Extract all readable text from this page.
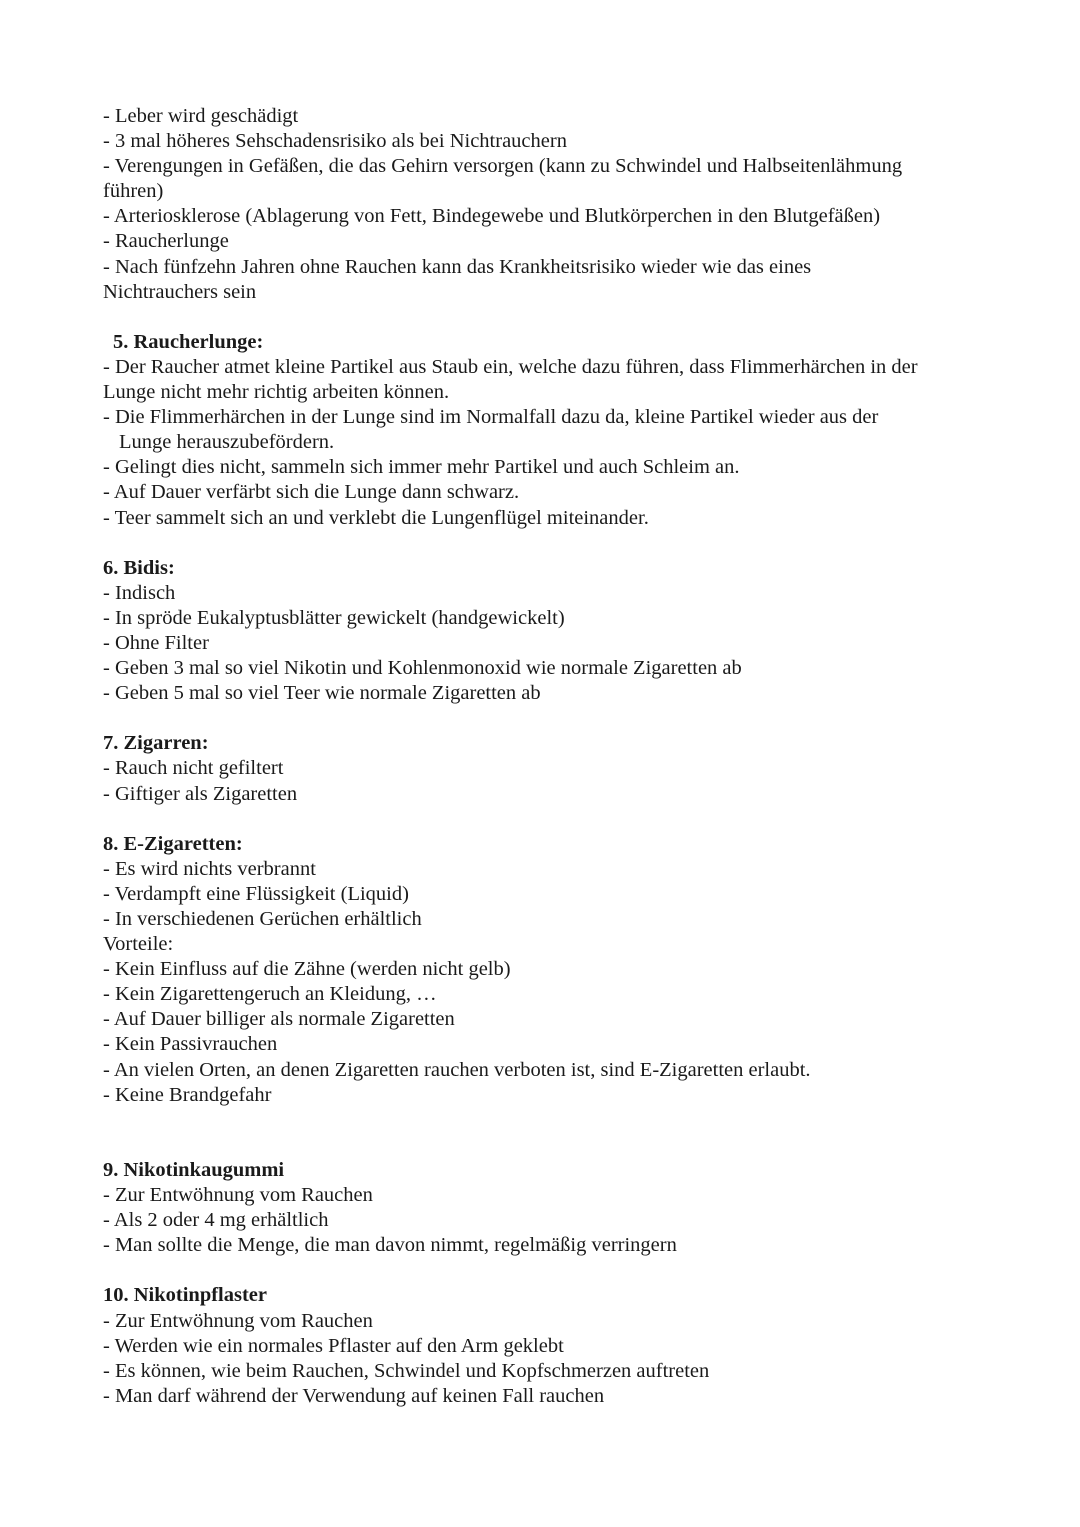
- Leber wird geschädigt
- 3 mal höheres Sehschadensrisiko als bei Nichtrauchern
- Verengungen in Gefäßen, die das Gehirn versorgen (kann zu Schwindel und Halbseitenlähmung
führen)
- Arteriosklerose (Ablagerung von Fett, Bindegewebe und Blutkörperchen in den Blutgefäßen)
- Raucherlunge
- Nach fünfzehn Jahren ohne Rauchen kann das Krankheitsrisiko wieder wie das eines
Nichtrauchers sein
5. Raucherlunge:
- Der Raucher atmet kleine Partikel aus Staub ein, welche dazu führen, dass Flimmerhärchen in der
Lunge nicht mehr richtig arbeiten können.
- Die Flimmerhärchen in der Lunge sind im Normalfall dazu da, kleine Partikel wieder aus der
Lunge herauszubefördern.
- Gelingt dies nicht, sammeln sich immer mehr Partikel und auch Schleim an.
- Auf Dauer verfärbt sich die Lunge dann schwarz.
- Teer sammelt sich an und verklebt die Lungenflügel miteinander.
6. Bidis:
- Indisch
- In spröde Eukalyptusblätter gewickelt (handgewickelt)
- Ohne Filter
- Geben 3 mal so viel Nikotin und Kohlenmonoxid wie normale Zigaretten ab
- Geben 5 mal so viel Teer wie normale Zigaretten ab
7. Zigarren:
- Rauch nicht gefiltert
- Giftiger als Zigaretten
8. E-Zigaretten:
- Es wird nichts verbrannt
- Verdampft eine Flüssigkeit (Liquid)
- In verschiedenen Gerüchen erhältlich
Vorteile:
- Kein Einfluss auf die Zähne (werden nicht gelb)
- Kein Zigarettengeruch an Kleidung, …
- Auf Dauer billiger als normale Zigaretten
- Kein Passivrauchen
- An vielen Orten, an denen Zigaretten rauchen verboten ist, sind E-Zigaretten erlaubt.
- Keine Brandgefahr
9. Nikotinkaugummi
- Zur Entwöhnung vom Rauchen
- Als 2 oder 4 mg erhältlich
- Man sollte die Menge, die man davon nimmt, regelmäßig verringern
10. Nikotinpflaster
- Zur Entwöhnung vom Rauchen
- Werden wie ein normales Pflaster auf den Arm geklebt
- Es können, wie beim Rauchen, Schwindel und Kopfschmerzen auftreten
- Man darf während der Verwendung auf keinen Fall rauchen
